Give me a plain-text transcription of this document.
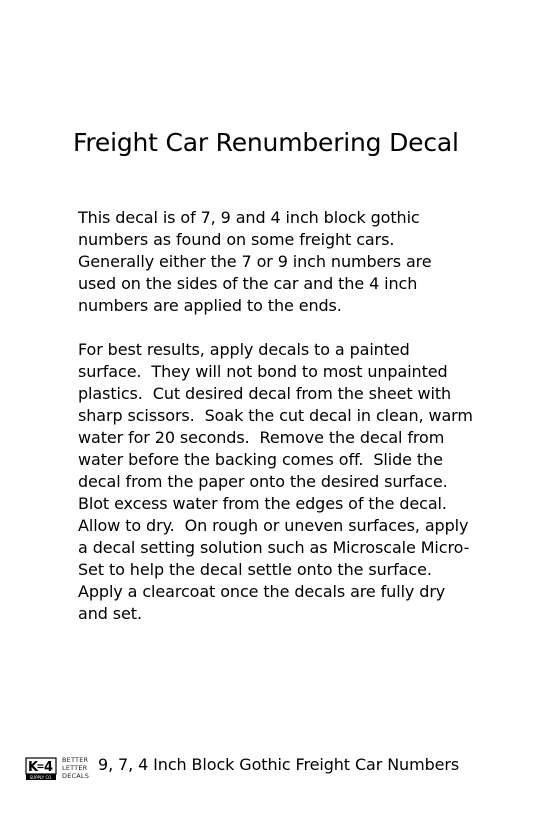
Freight Car Renumbering Decal

This decal is of 7, 9 and 4 inch block gothic
numbers as found on some freight cars.
Generally either the 7 or 9 inch numbers are
used on the sides of the car and the 4 inch
numbers are applied to the ends.

For best results, apply decals to a painted
surface.  They will not bond to most unpainted
plastics.  Cut desired decal from the sheet with
sharp scissors.  Soak the cut decal in clean, warm
water for 20 seconds.  Remove the decal from
water before the backing comes off.  Slide the
decal from the paper onto the desired surface.
Blot excess water from the edges of the decal.
Allow to dry.  On rough or uneven surfaces, apply
a decal setting solution such as Microscale Micro-
Set to help the decal settle onto the surface.
Apply a clearcoat once the decals are fully dry
and set.

K 4
SUPPLY CO.
BETTER
LETTER
DECALS
9, 7, 4 Inch Block Gothic Freight Car Numbers
